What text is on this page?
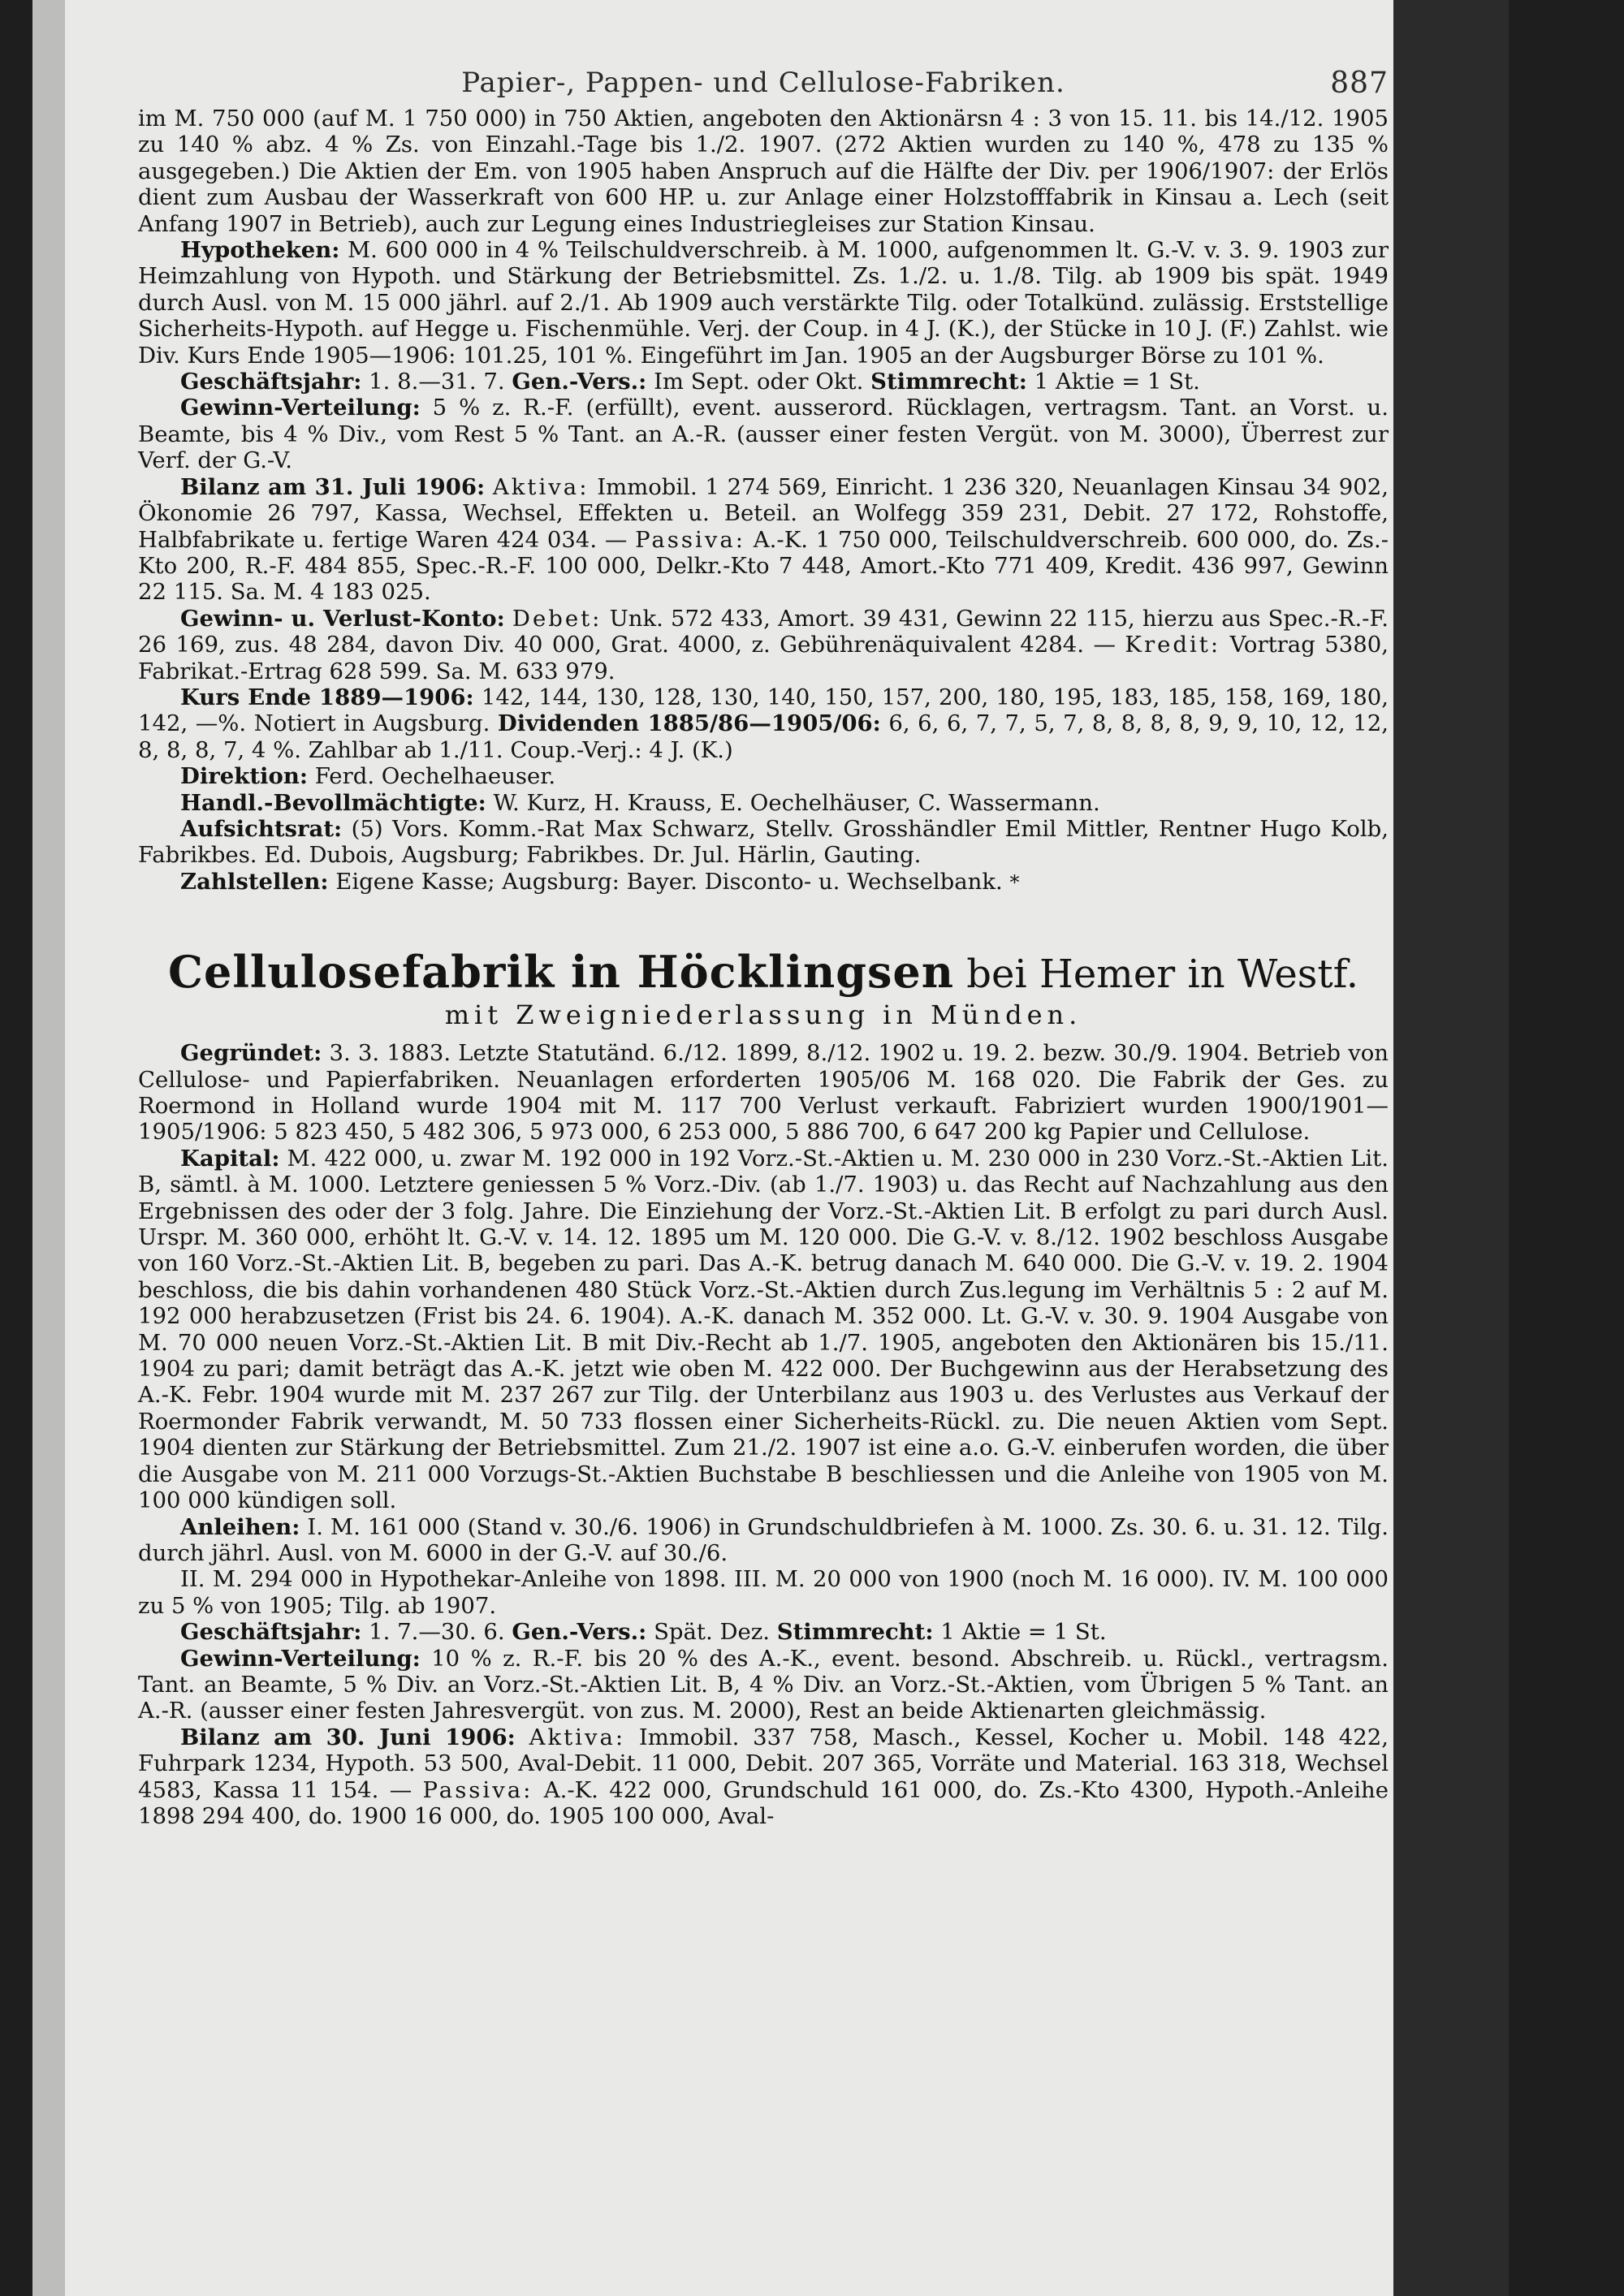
Papier-, Pappen- und Cellulose-Fabriken.	887

im M. 750 000 (auf M. 1 750 000) in 750 Aktien, angeboten den Aktionärsn 4 : 3 von 15. 11. bis 14./12. 1905 zu 140 % abz. 4 % Zs. von Einzahl.-Tage bis 1./2. 1907. (272 Aktien wurden zu 140 %, 478 zu 135 % ausgegeben.) Die Aktien der Em. von 1905 haben Anspruch auf die Hälfte der Div. per 1906/1907: der Erlös dient zum Ausbau der Wasserkraft von 600 HP. u. zur Anlage einer Holzstofffabrik in Kinsau a. Lech (seit Anfang 1907 in Betrieb), auch zur Legung eines Industriegleises zur Station Kinsau.

Hypotheken: M. 600 000 in 4 % Teilschuldverschreib. à M. 1000, aufgenommen lt. G.-V. v. 3. 9. 1903 zur Heimzahlung von Hypoth. und Stärkung der Betriebsmittel. Zs. 1./2. u. 1./8. Tilg. ab 1909 bis spät. 1949 durch Ausl. von M. 15 000 jährl. auf 2./1. Ab 1909 auch verstärkte Tilg. oder Totalkünd. zulässig. Erststellige Sicherheits-Hypoth. auf Hegge u. Fischenmühle. Verj. der Coup. in 4 J. (K.), der Stücke in 10 J. (F.) Zahlst. wie Div. Kurs Ende 1905—1906: 101.25, 101 %. Eingeführt im Jan. 1905 an der Augsburger Börse zu 101 %.

Geschäftsjahr: 1. 8.—31. 7. Gen.-Vers.: Im Sept. oder Okt. Stimmrecht: 1 Aktie = 1 St.

Gewinn-Verteilung: 5 % z. R.-F. (erfüllt), event. ausserord. Rücklagen, vertragsm. Tant. an Vorst. u. Beamte, bis 4 % Div., vom Rest 5 % Tant. an A.-R. (ausser einer festen Vergüt. von M. 3000), Überrest zur Verf. der G.-V.

Bilanz am 31. Juli 1906: Aktiva: Immobil. 1 274 569, Einricht. 1 236 320, Neuanlagen Kinsau 34 902, Ökonomie 26 797, Kassa, Wechsel, Effekten u. Beteil. an Wolfegg 359 231, Debit. 27 172, Rohstoffe, Halbfabrikate u. fertige Waren 424 034. — Passiva: A.-K. 1 750 000, Teilschuldverschreib. 600 000, do. Zs.-Kto 200, R.-F. 484 855, Spec.-R.-F. 100 000, Delkr.-Kto 7 448, Amort.-Kto 771 409, Kredit. 436 997, Gewinn 22 115. Sa. M. 4 183 025.

Gewinn- u. Verlust-Konto: Debet: Unk. 572 433, Amort. 39 431, Gewinn 22 115, hierzu aus Spec.-R.-F. 26 169, zus. 48 284, davon Div. 40 000, Grat. 4000, z. Gebührenäquivalent 4284. — Kredit: Vortrag 5380, Fabrikat.-Ertrag 628 599. Sa. M. 633 979.

Kurs Ende 1889—1906: 142, 144, 130, 128, 130, 140, 150, 157, 200, 180, 195, 183, 185, 158, 169, 180, 142, —%. Notiert in Augsburg. Dividenden 1885/86—1905/06: 6, 6, 6, 7, 7, 5, 7, 8, 8, 8, 8, 9, 9, 10, 12, 12, 8, 8, 8, 7, 4 %. Zahlbar ab 1./11. Coup.-Verj.: 4 J. (K.)

Direktion: Ferd. Oechelhaeuser.

Handl.-Bevollmächtigte: W. Kurz, H. Krauss, E. Oechelhäuser, C. Wassermann.

Aufsichtsrat: (5) Vors. Komm.-Rat Max Schwarz, Stellv. Grosshändler Emil Mittler, Rentner Hugo Kolb, Fabrikbes. Ed. Dubois, Augsburg; Fabrikbes. Dr. Jul. Härlin, Gauting.

Zahlstellen: Eigene Kasse; Augsburg: Bayer. Disconto- u. Wechselbank. *

Cellulosefabrik in Höcklingsen bei Hemer in Westf.
mit Zweigniederlassung in Münden.

Gegründet: 3. 3. 1883. Letzte Statutänd. 6./12. 1899, 8./12. 1902 u. 19. 2. bezw. 30./9. 1904. Betrieb von Cellulose- und Papierfabriken. Neuanlagen erforderten 1905/06 M. 168 020. Die Fabrik der Ges. zu Roermond in Holland wurde 1904 mit M. 117 700 Verlust verkauft. Fabriziert wurden 1900/1901—1905/1906: 5 823 450, 5 482 306, 5 973 000, 6 253 000, 5 886 700, 6 647 200 kg Papier und Cellulose.

Kapital: M. 422 000, u. zwar M. 192 000 in 192 Vorz.-St.-Aktien u. M. 230 000 in 230 Vorz.-St.-Aktien Lit. B, sämtl. à M. 1000. Letztere geniessen 5 % Vorz.-Div. (ab 1./7. 1903) u. das Recht auf Nachzahlung aus den Ergebnissen des oder der 3 folg. Jahre. Die Einziehung der Vorz.-St.-Aktien Lit. B erfolgt zu pari durch Ausl. Urspr. M. 360 000, erhöht lt. G.-V. v. 14. 12. 1895 um M. 120 000. Die G.-V. v. 8./12. 1902 beschloss Ausgabe von 160 Vorz.-St.-Aktien Lit. B, begeben zu pari. Das A.-K. betrug danach M. 640 000. Die G.-V. v. 19. 2. 1904 beschloss, die bis dahin vorhandenen 480 Stück Vorz.-St.-Aktien durch Zus.legung im Verhältnis 5 : 2 auf M. 192 000 herabzusetzen (Frist bis 24. 6. 1904). A.-K. danach M. 352 000. Lt. G.-V. v. 30. 9. 1904 Ausgabe von M. 70 000 neuen Vorz.-St.-Aktien Lit. B mit Div.-Recht ab 1./7. 1905, angeboten den Aktionären bis 15./11. 1904 zu pari; damit beträgt das A.-K. jetzt wie oben M. 422 000. Der Buchgewinn aus der Herabsetzung des A.-K. Febr. 1904 wurde mit M. 237 267 zur Tilg. der Unterbilanz aus 1903 u. des Verlustes aus Verkauf der Roermonder Fabrik verwandt, M. 50 733 flossen einer Sicherheits-Rückl. zu. Die neuen Aktien vom Sept. 1904 dienten zur Stärkung der Betriebsmittel. Zum 21./2. 1907 ist eine a.o. G.-V. einberufen worden, die über die Ausgabe von M. 211 000 Vorzugs-St.-Aktien Buchstabe B beschliessen und die Anleihe von 1905 von M. 100 000 kündigen soll.

Anleihen: I. M. 161 000 (Stand v. 30./6. 1906) in Grundschuldbriefen à M. 1000. Zs. 30. 6. u. 31. 12. Tilg. durch jährl. Ausl. von M. 6000 in der G.-V. auf 30./6.

II. M. 294 000 in Hypothekar-Anleihe von 1898. III. M. 20 000 von 1900 (noch M. 16 000). IV. M. 100 000 zu 5 % von 1905; Tilg. ab 1907.

Geschäftsjahr: 1. 7.—30. 6. Gen.-Vers.: Spät. Dez. Stimmrecht: 1 Aktie = 1 St.

Gewinn-Verteilung: 10 % z. R.-F. bis 20 % des A.-K., event. besond. Abschreib. u. Rückl., vertragsm. Tant. an Beamte, 5 % Div. an Vorz.-St.-Aktien Lit. B, 4 % Div. an Vorz.-St.-Aktien, vom Übrigen 5 % Tant. an A.-R. (ausser einer festen Jahresvergüt. von zus. M. 2000), Rest an beide Aktienarten gleichmässig.

Bilanz am 30. Juni 1906: Aktiva: Immobil. 337 758, Masch., Kessel, Kocher u. Mobil. 148 422, Fuhrpark 1234, Hypoth. 53 500, Aval-Debit. 11 000, Debit. 207 365, Vorräte und Material. 163 318, Wechsel 4583, Kassa 11 154. — Passiva: A.-K. 422 000, Grundschuld 161 000, do. Zs.-Kto 4300, Hypoth.-Anleihe 1898 294 400, do. 1900 16 000, do. 1905 100 000, Aval-
